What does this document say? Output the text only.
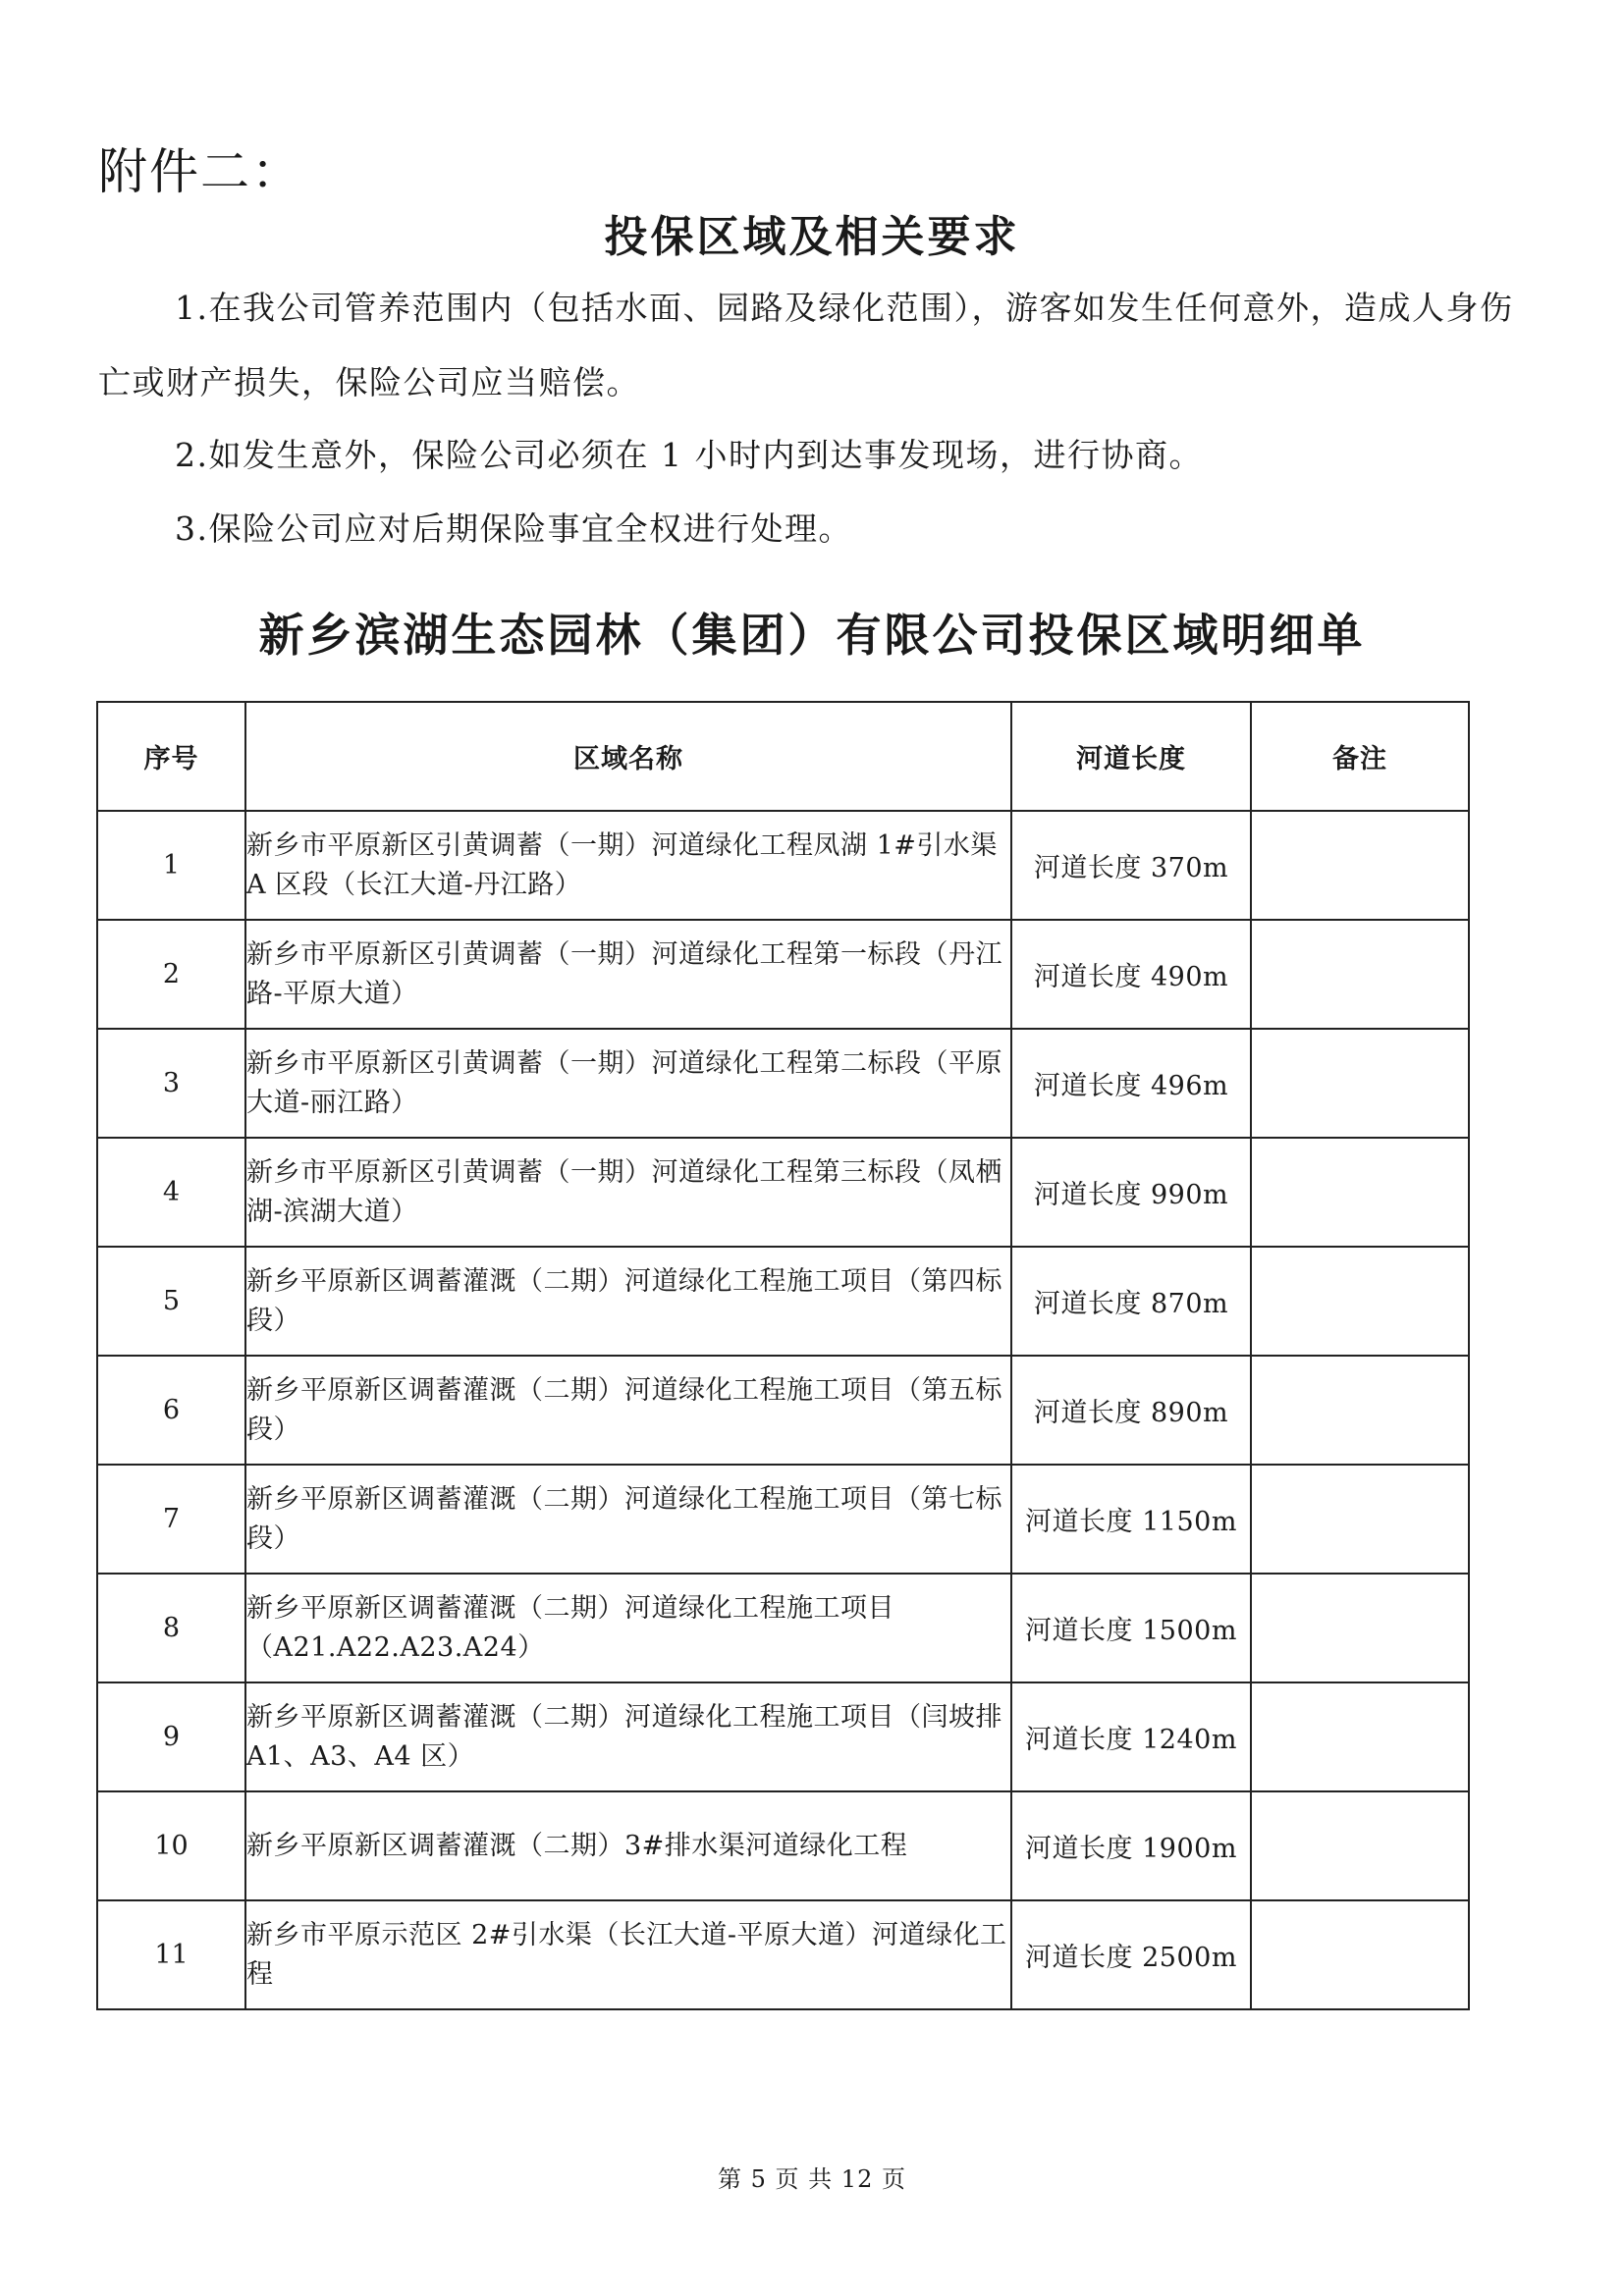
附件二：
投保区域及相关要求
1.在我公司管养范围内（包括水面、园路及绿化范围），游客如发生任何意外，造成人身伤亡或财产损失，保险公司应当赔偿。
2.如发生意外，保险公司必须在 1 小时内到达事发现场，进行协商。
3.保险公司应对后期保险事宜全权进行处理。
新乡滨湖生态园林（集团）有限公司投保区域明细单
序号	区域名称	河道长度	备注
1	新乡市平原新区引黄调蓄（一期）河道绿化工程凤湖 1#引水渠 A 区段（长江大道-丹江路）	河道长度 370m	
2	新乡市平原新区引黄调蓄（一期）河道绿化工程第一标段（丹江路-平原大道）	河道长度 490m	
3	新乡市平原新区引黄调蓄（一期）河道绿化工程第二标段（平原大道-丽江路）	河道长度 496m	
4	新乡市平原新区引黄调蓄（一期）河道绿化工程第三标段（凤栖湖-滨湖大道）	河道长度 990m	
5	新乡平原新区调蓄灌溉（二期）河道绿化工程施工项目（第四标段）	河道长度 870m	
6	新乡平原新区调蓄灌溉（二期）河道绿化工程施工项目（第五标段）	河道长度 890m	
7	新乡平原新区调蓄灌溉（二期）河道绿化工程施工项目（第七标段）	河道长度 1150m	
8	新乡平原新区调蓄灌溉（二期）河道绿化工程施工项目（A21.A22.A23.A24）	河道长度 1500m	
9	新乡平原新区调蓄灌溉（二期）河道绿化工程施工项目（闫坡排 A1、A3、A4 区）	河道长度 1240m	
10	新乡平原新区调蓄灌溉（二期）3#排水渠河道绿化工程	河道长度 1900m	
11	新乡市平原示范区 2#引水渠（长江大道-平原大道）河道绿化工程	河道长度 2500m	
第 5 页 共 12 页
